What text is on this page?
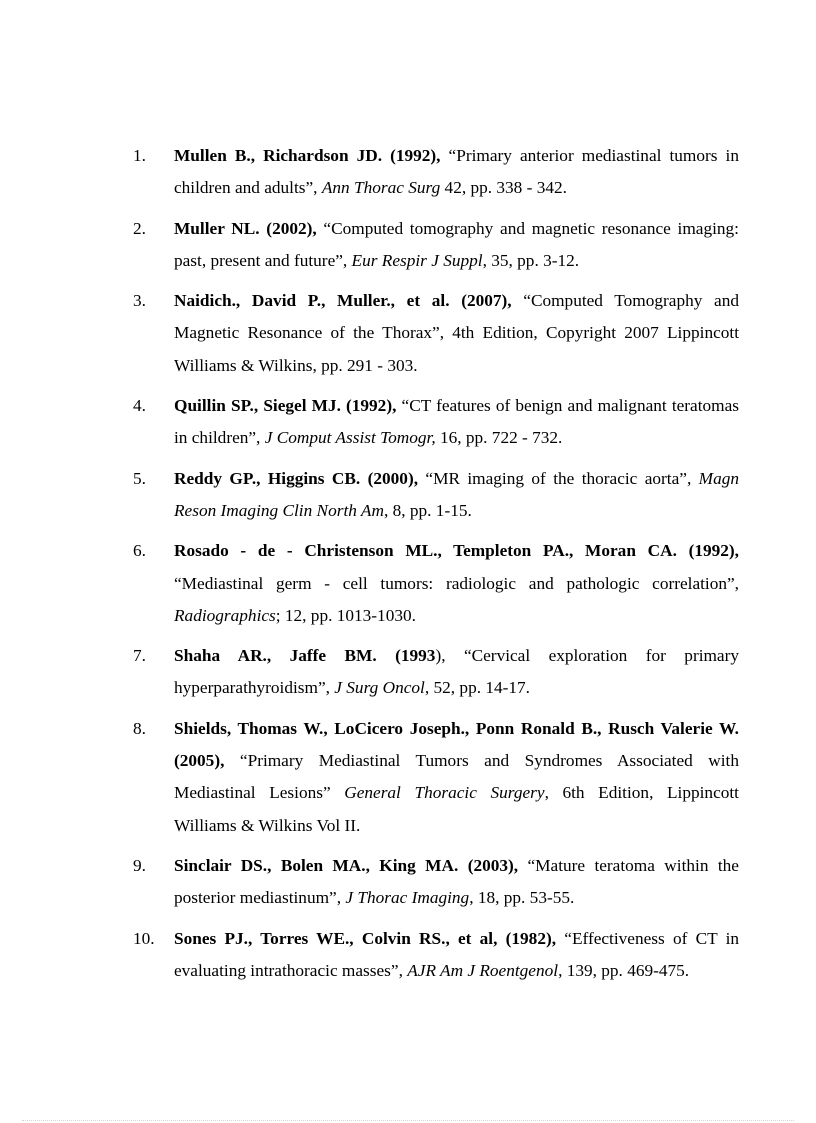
1. Mullen B., Richardson JD. (1992), “Primary anterior mediastinal tumors in children and adults”, Ann Thorac Surg 42, pp. 338 - 342.
2. Muller NL. (2002), “Computed tomography and magnetic resonance imaging: past, present and future”, Eur Respir J Suppl, 35, pp. 3-12.
3. Naidich., David P., Muller., et al. (2007), “Computed Tomography and Magnetic Resonance of the Thorax”, 4th Edition, Copyright 2007 Lippincott Williams & Wilkins, pp. 291 - 303.
4. Quillin SP., Siegel MJ. (1992), “CT features of benign and malignant teratomas in children”, J Comput Assist Tomogr, 16, pp. 722 - 732.
5. Reddy GP., Higgins CB. (2000), “MR imaging of the thoracic aorta”, Magn Reson Imaging Clin North Am, 8, pp. 1-15.
6. Rosado - de - Christenson ML., Templeton PA., Moran CA. (1992), “Mediastinal germ - cell tumors: radiologic and pathologic correlation”, Radiographics; 12, pp. 1013-1030.
7. Shaha AR., Jaffe BM. (1993), “Cervical exploration for primary hyperparathyroidism”, J Surg Oncol, 52, pp. 14-17.
8. Shields, Thomas W., LoCicero Joseph., Ponn Ronald B., Rusch Valerie W. (2005), “Primary Mediastinal Tumors and Syndromes Associated with Mediastinal Lesions” General Thoracic Surgery, 6th Edition, Lippincott Williams & Wilkins Vol II.
9. Sinclair DS., Bolen MA., King MA. (2003), “Mature teratoma within the posterior mediastinum”, J Thorac Imaging, 18, pp. 53-55.
10. Sones PJ., Torres WE., Colvin RS., et al, (1982), “Effectiveness of CT in evaluating intrathoracic masses”, AJR Am J Roentgenol, 139, pp. 469-475.
